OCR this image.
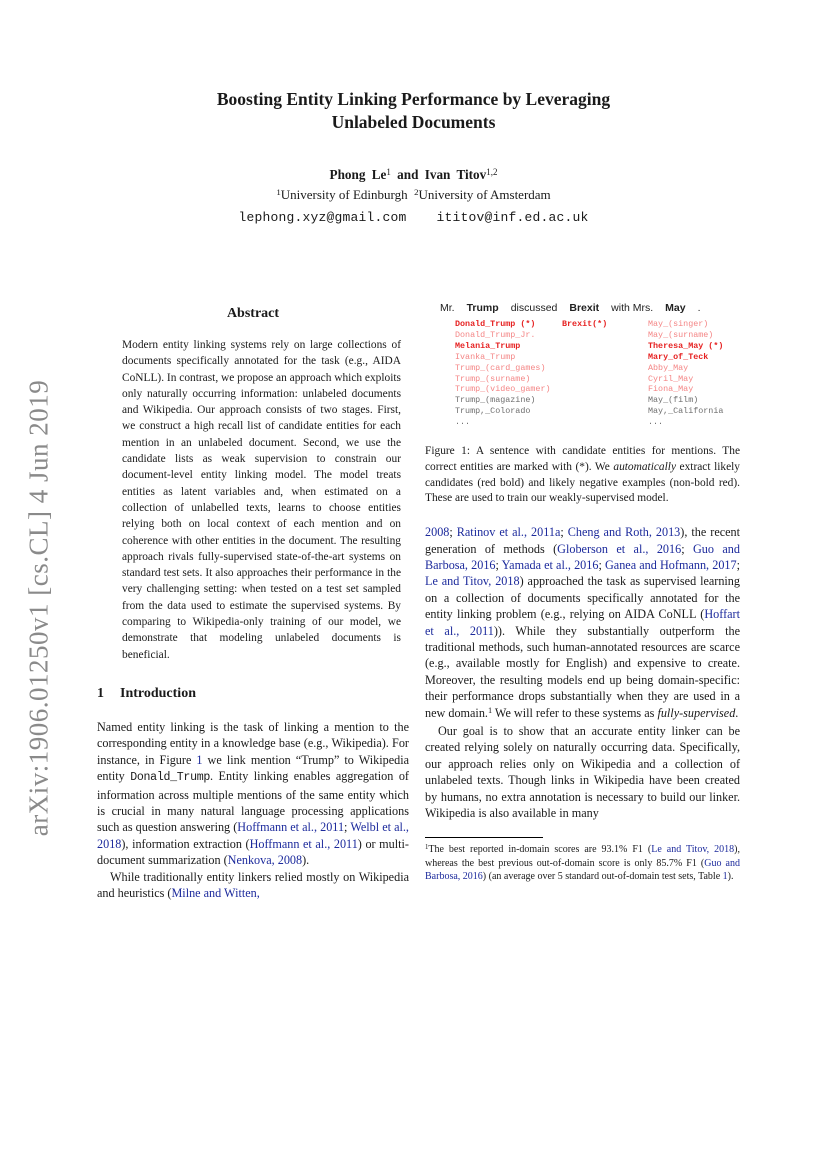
arXiv:1906.01250v1 [cs.CL] 4 Jun 2019
Boosting Entity Linking Performance by Leveraging
Unlabeled Documents
Phong Le$^1$ and Ivan Titov$^{1,2}$
$^1$University of Edinburgh $^2$University of Amsterdam
lephong.xyz@gmail.com ititov@inf.ed.ac.uk
Abstract
Modern entity linking systems rely on large collections of documents specifically annotated for the task (e.g., AIDA CoNLL). In contrast, we propose an approach which exploits only naturally occurring information: unlabeled documents and Wikipedia. Our approach consists of two stages. First, we construct a high recall list of candidate entities for each mention in an unlabeled document. Second, we use the candidate lists as weak supervision to constrain our document-level entity linking model. The model treats entities as latent variables and, when estimated on a collection of unlabelled texts, learns to choose entities relying both on local context of each mention and on coherence with other entities in the document. The resulting approach rivals fully-supervised state-of-the-art systems on standard test sets. It also approaches their performance in the very challenging setting: when tested on a test set sampled from the data used to estimate the supervised systems. By comparing to Wikipedia-only training of our model, we demonstrate that modeling unlabeled documents is beneficial.
1 Introduction

Named entity linking is the task of linking a mention to the corresponding entity in a knowledge base (e.g., Wikipedia). For instance, in Figure 1 we link mention “Trump” to Wikipedia entity Donald_Trump. Entity linking enables aggregation of information across multiple mentions of the same entity which is crucial in many natural language processing applications such as question answering (Hoffmann et al., 2011; Welbl et al., 2018), information extraction (Hoffmann et al., 2011) or multi-document summarization (Nenkova, 2008).

While traditionally entity linkers relied mostly on Wikipedia and heuristics (Milne and Witten,

Mr. Trump discussed Brexit with Mrs. May .
Donald_Trump (*)
Donald_Trump_Jr.
Melania_Trump
Ivanka_Trump
Trump_(card_games)
Trump_(surname)
Trump_(video_gamer)
Trump_(magazine)
Trump,_Colorado
...
Brexit(*)	May_(singer)
May_(surname)
Theresa_May (*)
Mary_of_Teck
Abby_May
Cyril_May
Fiona_May
May_(film)
May,_California
...
Figure 1: A sentence with candidate entities for mentions. The correct entities are marked with (*). We automatically extract likely candidates (red bold) and likely negative examples (non-bold red). These are used to train our weakly-supervised model.

2008; Ratinov et al., 2011a; Cheng and Roth, 2013), the recent generation of methods (Globerson et al., 2016; Guo and Barbosa, 2016; Yamada et al., 2016; Ganea and Hofmann, 2017; Le and Titov, 2018) approached the task as supervised learning on a collection of documents specifically annotated for the entity linking problem (e.g., relying on AIDA CoNLL (Hoffart et al., 2011)). While they substantially outperform the traditional methods, such human-annotated resources are scarce (e.g., available mostly for English) and expensive to create. Moreover, the resulting models end up being domain-specific: their performance drops substantially when they are used in a new domain.$^1$ We will refer to these systems as fully-supervised.

Our goal is to show that an accurate entity linker can be created relying solely on naturally occurring data. Specifically, our approach relies only on Wikipedia and a collection of unlabeled texts. Though links in Wikipedia have been created by humans, no extra annotation is necessary to build our linker. Wikipedia is also available in many

$^1$The best reported in-domain scores are 93.1% F1 (Le and Titov, 2018), whereas the best previous out-of-domain score is only 85.7% F1 (Guo and Barbosa, 2016) (an average over 5 standard out-of-domain test sets, Table 1).
